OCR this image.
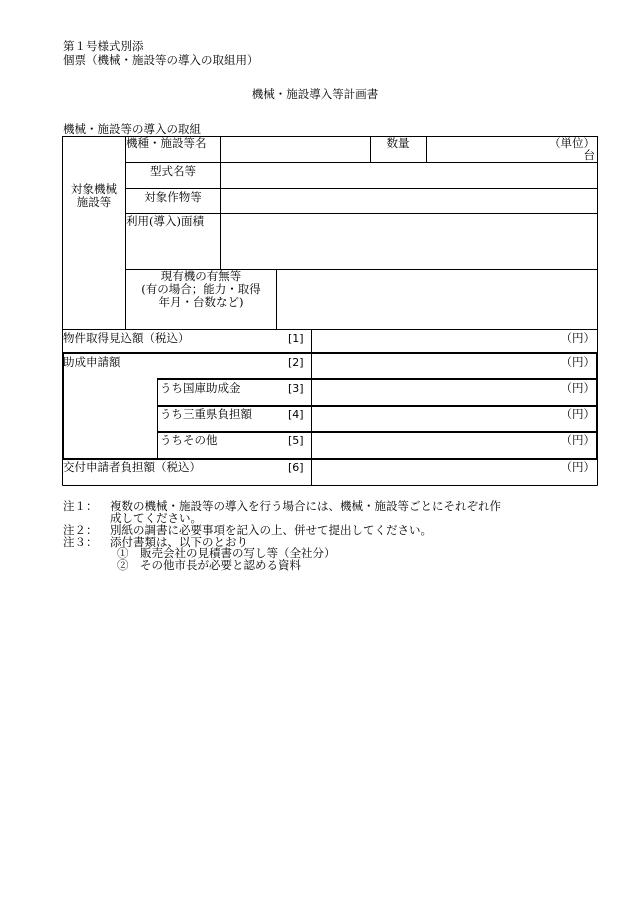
第１号様式別添
個票（機械・施設等の導入の取組用）
機械・施設導入等計画書
機械・施設等の導入の取組
対象機械
施設等
機種・施設等名	数量	（単位）
台
型式名等
対象作物等
利用(導入)面積
現有機の有無等
(有の場合；能力・取得
年月・台数など)
物件取得見込額（税込）	[1]	（円）
助成申請額	[2]	（円）
うち国庫助成金	[3]	（円）
うち三重県負担額	[4]	（円）
うちその他	[5]	（円）
交付申請者負担額（税込）	[6]	（円）
注１： 複数の機械・施設等の導入を行う場合には、機械・施設等ごとにそれぞれ作
成してください。
注２： 別紙の調書に必要事項を記入の上、併せて提出してください。
注３： 添付書類は、以下のとおり
①　販売会社の見積書の写し等（全社分）
②　その他市長が必要と認める資料
